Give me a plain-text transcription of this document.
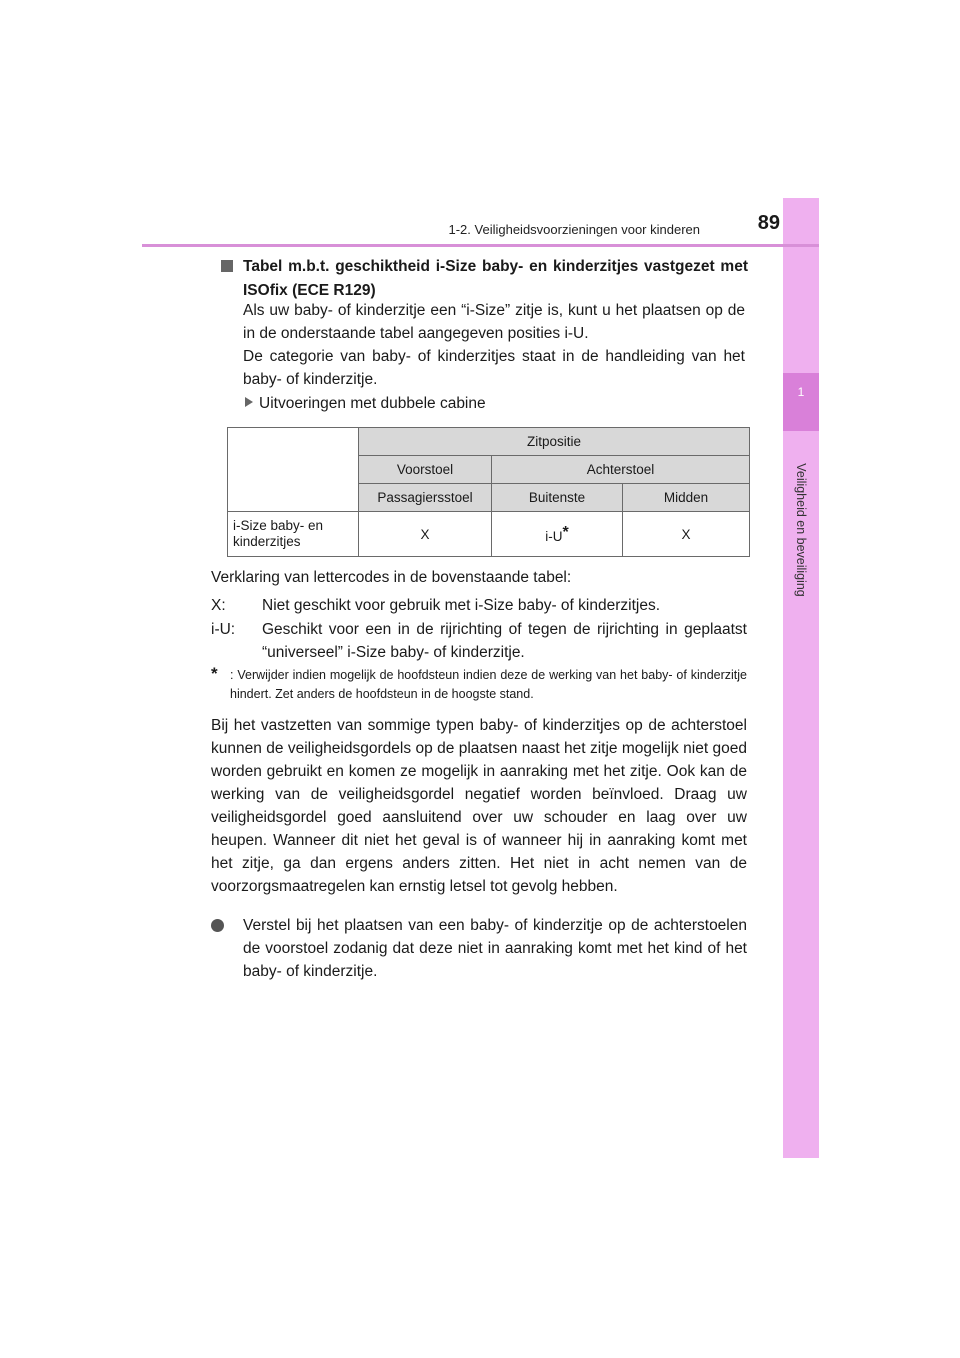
1
Veiligheid en beveiliging
1-2. Veiligheidsvoorzieningen voor kinderen	89
Tabel m.b.t. geschiktheid i-Size baby- en kinderzitjes vastgezet met ISOfix (ECE R129)
Als uw baby- of kinderzitje een “i-Size” zitje is, kunt u het plaatsen op de in de onderstaande tabel aangegeven posities i-U.
De categorie van baby- of kinderzitjes staat in de handleiding van het baby- of kinderzitje.
Uitvoeringen met dubbele cabine
	Zitpositie		
	Voorstoel	Achterstoel	
	Passagiersstoel	Buitenste	Midden
i-Size baby- en kinderzitjes	X	i-U*	X
Verklaring van lettercodes in de bovenstaande tabel:
X: Niet geschikt voor gebruik met i-Size baby- of kinderzitjes.
i-U: Geschikt voor een in de rijrichting of tegen de rijrichting in geplaatst “universeel” i-Size baby- of kinderzitje.
* : Verwijder indien mogelijk de hoofdsteun indien deze de werking van het baby- of kinderzitje hindert. Zet anders de hoofdsteun in de hoogste stand.
Bij het vastzetten van sommige typen baby- of kinderzitjes op de achterstoel kunnen de veiligheidsgordels op de plaatsen naast het zitje mogelijk niet goed worden gebruikt en komen ze mogelijk in aanraking met het zitje. Ook kan de werking van de veiligheidsgordel negatief worden beïnvloed. Draag uw veiligheidsgordel goed aansluitend over uw schouder en laag over uw heupen. Wanneer dit niet het geval is of wanneer hij in aanraking komt met het zitje, ga dan ergens anders zitten. Het niet in acht nemen van de voorzorgsmaatregelen kan ernstig letsel tot gevolg hebben.
Verstel bij het plaatsen van een baby- of kinderzitje op de achterstoelen de voorstoel zodanig dat deze niet in aanraking komt met het kind of het baby- of kinderzitje.
